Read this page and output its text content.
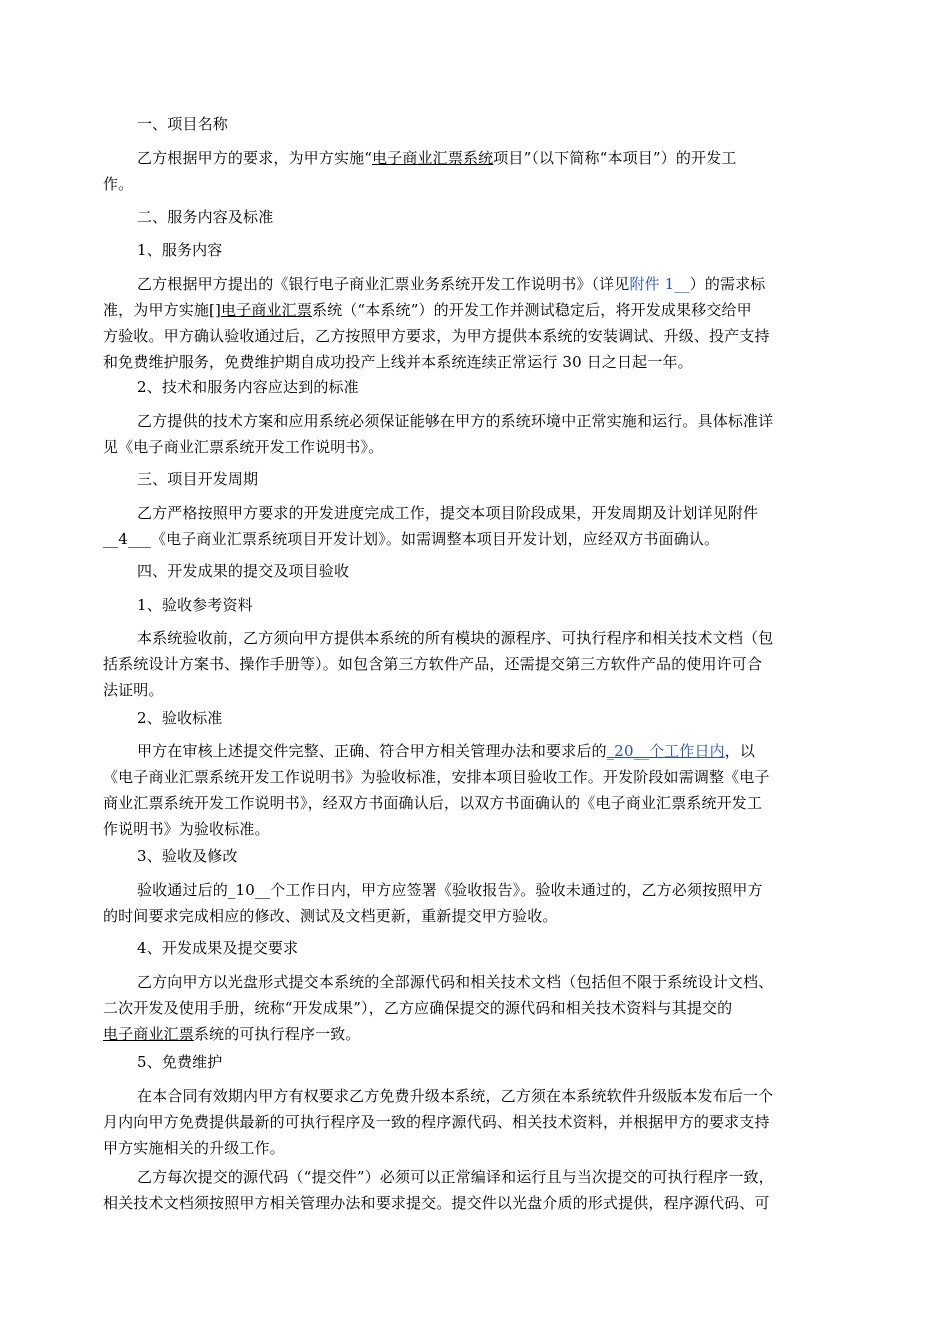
一、项目名称
乙方根据甲方的要求，为甲方实施“电子商业汇票系统项目”（以下简称“本项目”）的开发工
作。
二、服务内容及标准
1、服务内容
乙方根据甲方提出的《银行电子商业汇票业务系统开发工作说明书》（详见附件 1__）的需求标
准，为甲方实施[]电子商业汇票系统（“本系统”）的开发工作并测试稳定后，将开发成果移交给甲
方验收。甲方确认验收通过后，乙方按照甲方要求，为甲方提供本系统的安装调试、升级、投产支持
和免费维护服务，免费维护期自成功投产上线并本系统连续正常运行 30 日之日起一年。
2、技术和服务内容应达到的标准
乙方提供的技术方案和应用系统必须保证能够在甲方的系统环境中正常实施和运行。具体标准详
见《电子商业汇票系统开发工作说明书》。
三、项目开发周期
乙方严格按照甲方要求的开发进度完成工作，提交本项目阶段成果，开发周期及计划详见附件
__4___《电子商业汇票系统项目开发计划》。如需调整本项目开发计划，应经双方书面确认。
四、开发成果的提交及项目验收
1、验收参考资料
本系统验收前，乙方须向甲方提供本系统的所有模块的源程序、可执行程序和相关技术文档（包
括系统设计方案书、操作手册等）。如包含第三方软件产品，还需提交第三方软件产品的使用许可合
法证明。
2、验收标准
甲方在审核上述提交件完整、正确、符合甲方相关管理办法和要求后的_20__个工作日内，以
《电子商业汇票系统开发工作说明书》为验收标准，安排本项目验收工作。开发阶段如需调整《电子
商业汇票系统开发工作说明书》，经双方书面确认后，以双方书面确认的《电子商业汇票系统开发工
作说明书》为验收标准。
3、验收及修改
验收通过后的_10__个工作日内，甲方应签署《验收报告》。验收未通过的，乙方必须按照甲方
的时间要求完成相应的修改、测试及文档更新，重新提交甲方验收。
4、开发成果及提交要求
乙方向甲方以光盘形式提交本系统的全部源代码和相关技术文档（包括但不限于系统设计文档、
二次开发及使用手册，统称“开发成果”），乙方应确保提交的源代码和相关技术资料与其提交的
电子商业汇票系统的可执行程序一致。
5、免费维护
在本合同有效期内甲方有权要求乙方免费升级本系统，乙方须在本系统软件升级版本发布后一个
月内向甲方免费提供最新的可执行程序及一致的程序源代码、相关技术资料，并根据甲方的要求支持
甲方实施相关的升级工作。
乙方每次提交的源代码（“提交件”）必须可以正常编译和运行且与当次提交的可执行程序一致，
相关技术文档须按照甲方相关管理办法和要求提交。提交件以光盘介质的形式提供，程序源代码、可
